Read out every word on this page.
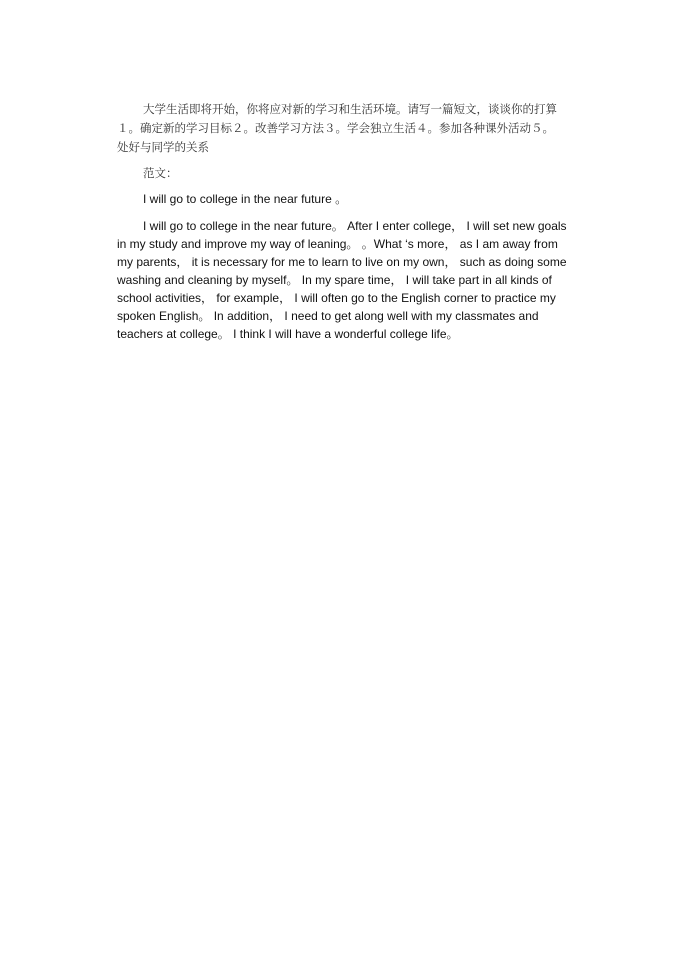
大学生活即将开始，你将应对新的学习和生活环境。请写一篇短文，谈谈你的打算
１。确定新的学习目标２。改善学习方法３。学会独立生活４。参加各种课外活动５。
处好与同学的关系

范文：

I will go to college in the near future 。

I will go to college in the near future。 After I enter college， I will set new goals
in my study and improve my way of leaning。 。What ‘s more， as I am away from
my parents， it is necessary for me to learn to live on my own， such as doing some
washing and cleaning by myself。 In my spare time， I will take part in all kinds of
school activities， for example， I will often go to the English corner to practice my
spoken English。 In addition， I need to get along well with my classmates and
teachers at college。 I think I will have a wonderful college life。
